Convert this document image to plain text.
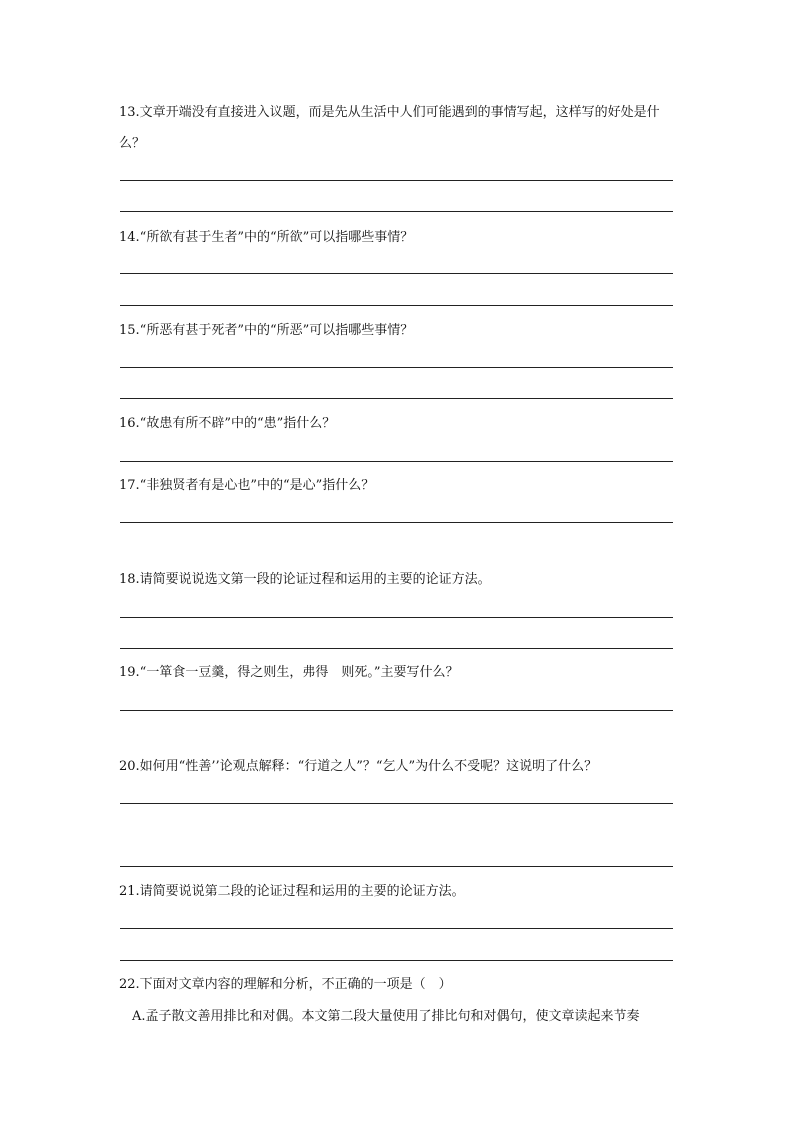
13.文章开端没有直接进入议题，而是先从生活中人们可能遇到的事情写起，这样写的好处是什么？
14.“所欲有甚于生者”中的“所欲”可以指哪些事情？
15.“所恶有甚于死者”中的“所恶”可以指哪些事情？
16.“故患有所不辟”中的“患”指什么？
17.“非独贤者有是心也”中的“是心”指什么？
18.请简要说说选文第一段的论证过程和运用的主要的论证方法。
19.“一箪食一豆羹，得之则生，弗得　则死。”主要写什么？
20.如何用“性善’’论观点解释：“行道之人”？“乞人”为什么不受呢？这说明了什么？
21.请简要说说第二段的论证过程和运用的主要的论证方法。
22.下面对文章内容的理解和分析，不正确的一项是（　）
A.孟子散文善用排比和对偶。本文第二段大量使用了排比句和对偶句，使文章读起来节奏
